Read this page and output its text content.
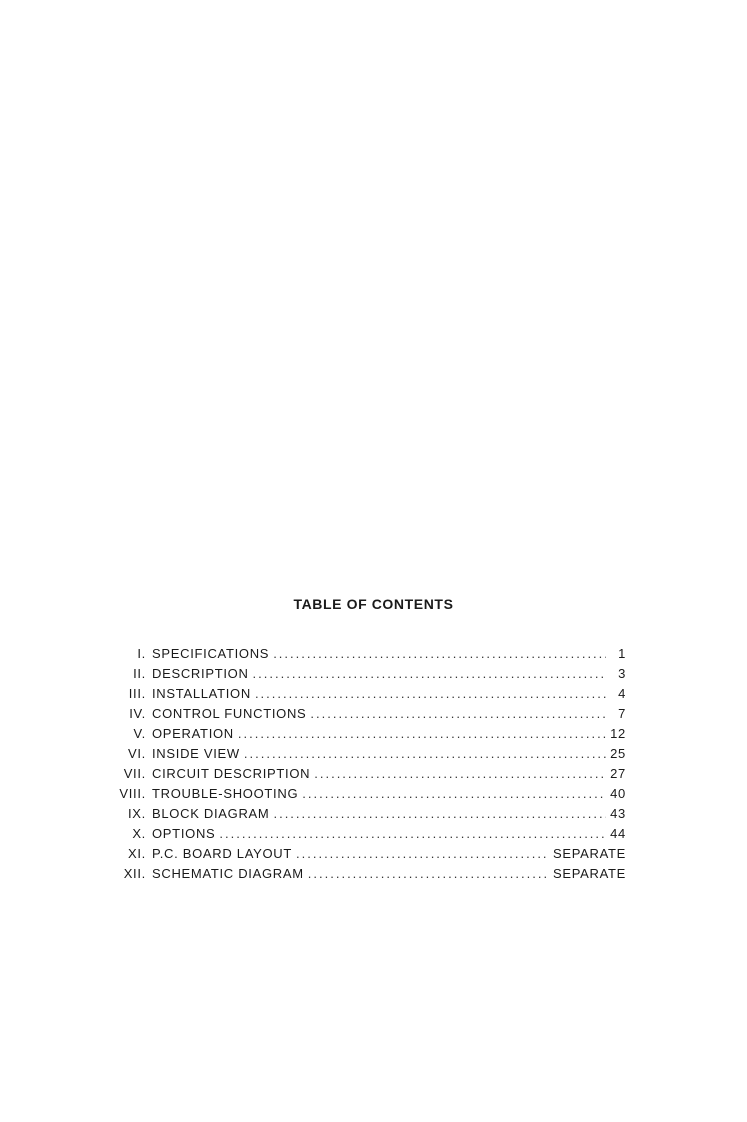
TABLE OF CONTENTS
I. SPECIFICATIONS .....	1
II. DESCRIPTION .....	3
III. INSTALLATION .....	4
IV. CONTROL FUNCTIONS .....	7
V. OPERATION .....	12
VI. INSIDE VIEW .....	25
VII. CIRCUIT DESCRIPTION .....	27
VIII. TROUBLE-SHOOTING .....	40
IX. BLOCK DIAGRAM .....	43
X. OPTIONS .....	44
XI. P.C. BOARD LAYOUT .....	SEPARATE
XII. SCHEMATIC DIAGRAM .....	SEPARATE
